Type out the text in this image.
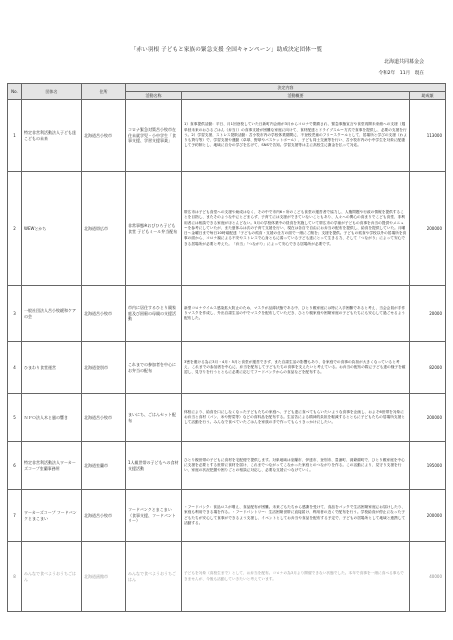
「赤い羽根 子どもと家族の緊急支援 全国キャンペーン」助成決定団体一覧
北海道共同募金会
令和2年　11月　現在
No.	団体名	住所	決定内容		
			活動名称	活動概要	助成額
1	特定非営利活動法人子ども達こどもの未来	北海道苫小牧市	コロナ緊急対策苫小牧市在住未就学児・小中学生「食事支援、学習支援事業」	1）食事提供活動：平日、月1回登校していた日新町内会館が3月からコロナで閉鎖され、緊急事態宣言や食堂再開未来館への支援（週単回未来のおひるごはん（弁当））の食事支援が困難な家庭に向けて、食材配達とドライブスルー方式で食事を提供し、必要の支援を行う。2）学習支援、ストレス発散活動：苫小牧市内の学校休業期間に、不登校児童のフリースクールとして、居場所と学びの支援（わよりも貸与等）で、学習支援や運動（卓球、野球やバスケットボール）、子ども同士交流等を行い、苫小牧市内の小中学生を対象に配慮して予約制とし、地域に自分の学びを広げて、SNSで告知。学習支援等は主に高校生に謝金を払って対応。	113000
2	WEWとかち	北海道帯広市	非常事態※おびひろ子ども食堂 子どもミール弁当配布	帯広市は子ども食堂への支援や助成はなく、その中で市内6ヶ所のこども食堂の運営者で協力し、人権問題や行政の情報を提供することを目指し、またそのような中にとどまらず、子育てには支援ができていないこともあり、人々への関心の高まりでこども食堂、非利用者には相談できる家庭がほとんどない。5月の学校休業中の昼食を実施していて帯広市の学童が子どもの食事を弁当の提供やメニューを参考にしていたが、また夏休みは次の子育て支援を行い、現在は各自で自由にお弁当の配布を提供し、給食を提供していた。月曜日～金曜日まで毎日10時頃配達「子どもの孤食・支援の仕方の面で一緒にご飯を」支援を提供。子どもの孤食や学校以外の居場所を食事の面から、コロナ禍による不安やストレスで心身ともに弱っている子ども達にとって生きる力、そして「つながり」によって安心できる居場所が必要と考えた。「弁当」「つながり」によって安心できる居場所が必要です。	200000
3	一般社団法人苫小牧緩和ケアの会	北海道苫小牧市	市内に居住するひとり親家庭及び困窮の母親の支援活動	新型コロナウイルス感染拡大防止のため、マスクが品薄状態である中、ひとり親家庭には特に入手困難であると考え、当会会員が手作りマスクを作成し、外出自粛生活の中でマスクを配布していただき、ひとり親家庭や困窮家庭の子どもたちにも安心して過ごせるよう配布した。	20000
4	ひまわり食堂運営	北海道登別市	これまでの参加者を中心にお弁当の配布	3密を避ける為に3月・4月・5月と食堂が運営できず、また自粛生活の影響もあり、各家庭での食事の負担が大きくなっていると考え、これまでの参加者を中心に、弁当を配布して子どもたちの食事を支えたいと考えている。お弁当の配布の際に子ども達の様子を確認し、見守りを行うとともに必要に応じてフードバンクからの食品などを配布する。	82000
5	ＮＰＯ法人木と風の響き	北海道苫小牧市	まいにち、ごはんセット配布	休校により、給食を口にしなくなった子どもたちの家庭へ、子ども達に食べてもらいたいような食事を企画し、およそ6世帯を対象にお弁当と食材（パン、米や野菜等）などの食料品を配布する。生活苦による精神的負担を軽減するとともに子どもたちの居場所支援として活動を行う。みんなで食べていたごはんを家族の手で作ってもらうきっかけにしたい。	200000
6	特定非営利活動法人ワーカーズコープ室蘭事務所	北海道室蘭市	1人親世帯の子どもへの食材支援活動	ひとり親世帯の子どもに食材を宅配便で提供します。対象地域は室蘭市、伊達市、登別市、豊浦町、洞爺湖町で、ひとり親家庭を中心に支援を必要とする世帯に食材を届け、これまでつながってこなかった家庭とのつながりを作る。この活動により、見守り支援を行い、家庭の状況把握や困りごとの相談に対応し、必要な支援につなげていく。	195000
7	ワーカーズコープ フードバンクとまこまい	北海道苫小牧市	フードバンクとまこまい（食事支援、フードパントリー）	・フードバンク：食品ロスが増え、食品配布が困難。未来ごもたちから感謝を受けて、食品をパックで生活困窮家庭にお届けしたり、家庭も利用できる場を作る。・フードパントリー：生活困窮世帯に直接届け、利用者の近くで配布を行う。学校給食が停止になった子どもたちが安心して食事ができるよう支援し、イベントとしてお弁当や食品を配布する予定で、子どもの居場所として地域と連携して活動する。	200000
8	みんなで食べようおうちごはん	北海道函館市	みんなで食べようおうちごはん	子どもを対象（高校生まで）として、お弁当を配布。コロナの為3月より開催できない状態でした。本年で食事を一緒に食べる事もできませんが、今後も活動していきたいと考えています。	40000
